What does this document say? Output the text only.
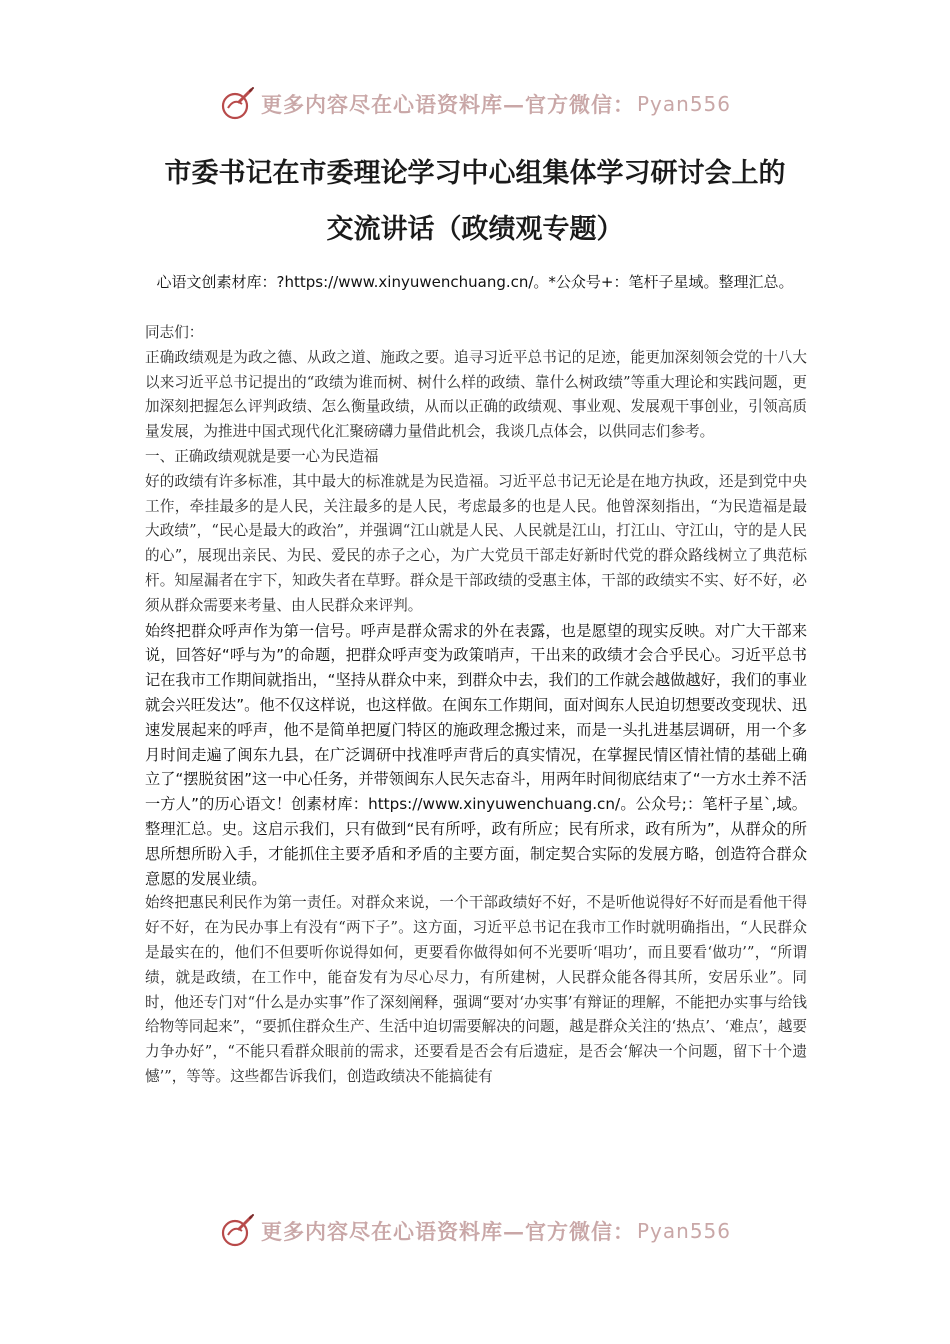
更多内容尽在心语资料库—官方微信： Pyan556
市委书记在市委理论学习中心组集体学习研讨会上的
交流讲话（政绩观专题）
心语文创素材库：?https://www.xinyuwenchuang.cn/。*公众号+：笔杆子星域。整理汇总。

同志们：

正确政绩观是为政之德、从政之道、施政之要。追寻习近平总书记的足迹，能更加深刻领会党的十八大以来习近平总书记提出的“政绩为谁而树、树什么样的政绩、靠什么树政绩”等重大理论和实践问题，更加深刻把握怎么评判政绩、怎么衡量政绩，从而以正确的政绩观、事业观、发展观干事创业，引领高质量发展，为推进中国式现代化汇聚磅礴力量借此机会，我谈几点体会，以供同志们参考。

一、正确政绩观就是要一心为民造福

好的政绩有许多标准，其中最大的标准就是为民造福。习近平总书记无论是在地方执政，还是到党中央工作，牵挂最多的是人民，关注最多的是人民，考虑最多的也是人民。他曾深刻指出，“为民造福是最大政绩”，“民心是最大的政治”，并强调“江山就是人民、人民就是江山，打江山、守江山，守的是人民的心”，展现出亲民、为民、爱民的赤子之心，为广大党员干部走好新时代党的群众路线树立了典范标杆。知屋漏者在宇下，知政失者在草野。群众是干部政绩的受惠主体，干部的政绩实不实、好不好，必须从群众需要来考量、由人民群众来评判。

始终把群众呼声作为第一信号。呼声是群众需求的外在表露，也是愿望的现实反映。对广大干部来说，回答好“呼与为”的命题，把群众呼声变为政策哨声，干出来的政绩才会合乎民心。习近平总书记在我市工作期间就指出，“坚持从群众中来，到群众中去，我们的工作就会越做越好，我们的事业就会兴旺发达”。他不仅这样说，也这样做。在闽东工作期间，面对闽东人民迫切想要改变现状、迅速发展起来的呼声，他不是简单把厦门特区的施政理念搬过来，而是一头扎进基层调研，用一个多月时间走遍了闽东九县，在广泛调研中找准呼声背后的真实情况，在掌握民情区情社情的基础上确立了“摆脱贫困”这一中心任务，并带领闽东人民矢志奋斗，用两年时间彻底结束了“一方水土养不活一方人”的历心语文！创素材库：https://www.xinyuwenchuang.cn/。公众号;：笔杆子星`,域。整理汇总。史。这启示我们，只有做到“民有所呼，政有所应；民有所求，政有所为”，从群众的所思所想所盼入手，才能抓住主要矛盾和矛盾的主要方面，制定契合实际的发展方略，创造符合群众意愿的发展业绩。

始终把惠民利民作为第一责任。对群众来说，一个干部政绩好不好，不是听他说得好不好而是看他干得好不好，在为民办事上有没有“两下子”。这方面，习近平总书记在我市工作时就明确指出，“人民群众是最实在的，他们不但要听你说得如何，更要看你做得如何不光要听‘唱功’，而且要看‘做功’”，“所谓绩，就是政绩，在工作中，能奋发有为尽心尽力，有所建树，人民群众能各得其所，安居乐业”。同时，他还专门对“什么是办实事”作了深刻阐释，强调“要对‘办实事’有辩证的理解，不能把办实事与给钱给物等同起来”，“要抓住群众生产、生活中迫切需要解决的问题，越是群众关注的‘热点’、‘难点’，越要力争办好”，“不能只看群众眼前的需求，还要看是否会有后遗症，是否会‘解决一个问题，留下十个遗憾’”，等等。这些都告诉我们，创造政绩决不能搞徒有

更多内容尽在心语资料库—官方微信： Pyan556
